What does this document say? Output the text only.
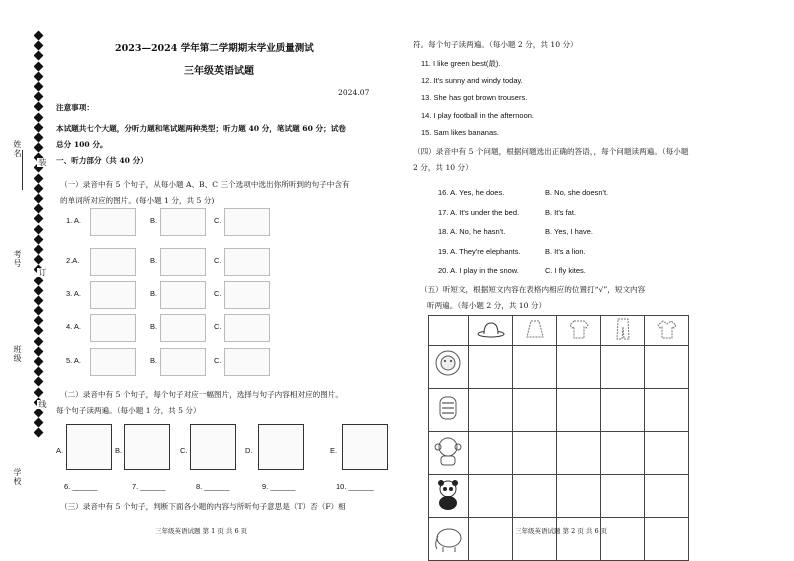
姓名
装
考号
订
班级
线
学校
2023—2024 学年第二学期期末学业质量测试
三年级英语试题
2024.07
注意事项：
本试题共七个大题，分听力题和笔试题两种类型；听力题 40 分，笔试题 60 分；试卷
总分 100 分。
一、听力部分（共 40 分）
（一）录音中有 5 个句子，从每小题 A、B、C 三个选项中选出你所听到的句子中含有
的单词所对应的图片。(每小题 1 分，共 5 分)
1. A.	B.	C.
2.A.	B.	C.
3. A.	B.	C.
4. A.	B.	C.
5. A.	B.	C.
（二）录音中有 5 个句子，每个句子对应一幅图片，选择与句子内容相对应的图片。
每个句子读两遍。（每小题 1 分，共 5 分）
A.	B.	C.	D.	E.
6. ______	7. ______	8. ______	9. ______	10. ______
（三）录音中有 5 个句子，判断下面各小题的内容与所听句子意思是（T）否（F）相
三年级英语试题 第 1 页 共 6 页
符。每个句子读两遍。（每小题 2 分，共 10 分）
11. I like green best(最).
12. It's sunny and windy today.
13. She has got brown trousers.
14. I play football in the afternoon.
15. Sam likes bananas.
（四）录音中有 5 个问题，根据问题选出正确的答语，，每个问题读两遍。（每小题
2 分，共 10 分）
16. A. Yes, he does.	B. No, she doesn't.
17. A. It's under the bed.	B. It's fat.
18. A. No, he hasn't.	B. Yes, I have.
19. A. They're elephants.	B. It's a lion.
20. A. I play in the snow.	C. I fly kites.
（五）听短文，根据短文内容在表格内相应的位置打“√”，短文内容
听两遍。（每小题 2 分，共 10 分）

三年级英语试题 第 2 页 共 6 页
